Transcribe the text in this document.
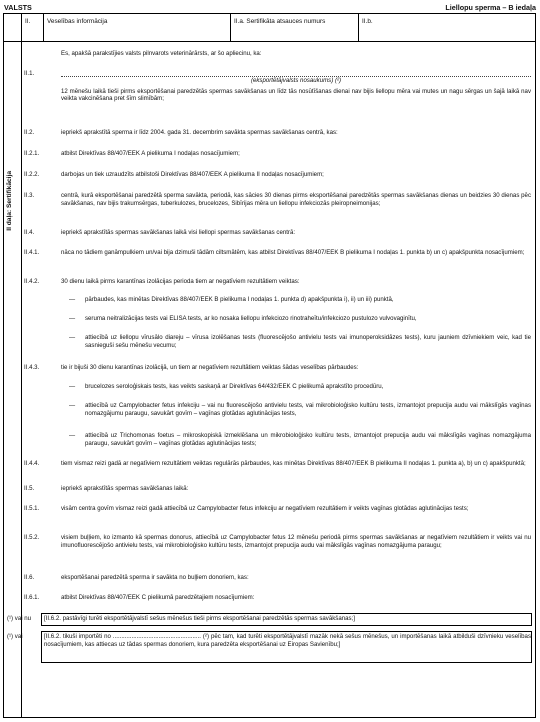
VALSTS	Liellopu sperma – B iedaļa
II.	Veselības informācija	II.a. Sertifikāta atsauces numurs	II.b.
II daļa: Sertifikācija
Es, apakšā parakstījies valsts pilnvarots veterinārārsts, ar šo apliecinu, ka:
II.1.
(eksportētājvalsts nosaukums) (²)
12 mēnešu laikā tieši pirms eksportēšanai paredzētās spermas savākšanas un līdz tās nosūtīšanas dienai nav bijis liellopu mēra vai mutes un nagu sērgas un šajā laikā nav veikta vakcinēšana pret šīm slimībām;
II.2.	iepriekš aprakstītā sperma ir līdz 2004. gada 31. decembrim savākta spermas savākšanas centrā, kas:
II.2.1.	atbilst Direktīvas 88/407/EEK A pielikuma I nodaļas nosacījumiem;
II.2.2.	darbojas un tiek uzraudzīts atbilstoši Direktīvas 88/407/EEK A pielikuma II nodaļas nosacījumiem;
II.3.	centrā, kurā eksportēšanai paredzētā sperma savākta, periodā, kas sācies 30 dienas pirms eksportēšanai paredzētās spermas savākšanas dienas un beidzies 30 dienas pēc savākšanas, nav bijis trakumsērgas, tuberkulozes, brucelozes, Sibīrijas mēra un liellopu infekciozās pleiropneimonijas;
II.4.	iepriekš aprakstītās spermas savākšanas laikā visi liellopi spermas savākšanas centrā:
II.4.1.	nāca no tādiem ganāmpulkiem un/vai bija dzimuši tādām ciltsmātēm, kas atbilst Direktīvas 88/407/EEK B pielikuma I nodaļas 1. punkta b) un c) apakšpunkta nosacījumiem;
II.4.2.	30 dienu laikā pirms karantīnas izolācijas perioda tiem ar negatīviem rezultātiem veiktas:
— pārbaudes, kas minētas Direktīvas 88/407/EEK B pielikuma I nodaļas 1. punkta d) apakšpunkta i), ii) un iii) punktā,
— seruma neitralizācijas tests vai ELISA tests, ar ko nosaka liellopu infekciozo rinotraheītu/infekciozo pustulozo vulvovaginītu,
— attiecībā uz liellopu vīrusālo diareju – vīrusa izolēšanas tests (fluorescējošo antivielu tests vai imunoperoksidāzes tests), kuru jauniem dzīvniekiem veic, kad tie sasnieguši sešu mēnešu vecumu;
II.4.3.	tie ir bijuši 30 dienu karantīnas izolācijā, un tiem ar negatīviem rezultātiem veiktas šādas veselības pārbaudes:
— brucelozes seroloģiskais tests, kas veikts saskaņā ar Direktīvas 64/432/EEK C pielikumā aprakstīto procedūru,
— attiecībā uz Campylobacter fetus infekciju – vai nu fluorescējošo antivielu tests, vai mikrobioloģisko kultūru tests, izmantojot prepucija audu vai mākslīgās vagīnas nomazgājumu paraugu, savukārt govīm – vagīnas glotādas aglutinācijas tests,
— attiecībā uz Trichomonas foetus – mikroskopiskā izmeklēšana un mikrobioloģisko kultūru tests, izmantojot prepucija audu vai mākslīgās vagīnas nomazgājuma paraugu, savukārt govīm – vagīnas glotādas aglutinācijas tests;
II.4.4.	tiem vismaz reizi gadā ar negatīviem rezultātiem veiktas regulārās pārbaudes, kas minētas Direktīvas 88/407/EEK B pielikuma II nodaļas 1. punkta a), b) un c) apakšpunktā;
II.5.	iepriekš aprakstītās spermas savākšanas laikā:
II.5.1.	visām centra govīm vismaz reizi gadā attiecībā uz Campylobacter fetus infekciju ar negatīviem rezultātiem ir veikts vagīnas glotādas aglutinācijas tests;
II.5.2.	visiem buļļiem, ko izmanto kā spermas donorus, attiecībā uz Campylobacter fetus 12 mēnešu periodā pirms spermas savākšanas ar negatīviem rezultātiem ir veikts vai nu imunofluorescējošo antivielu tests, vai mikrobioloģisko kultūru tests, izmantojot prepucija audu vai mākslīgās vagīnas nomazgājuma paraugu;
II.6.	eksportēšanai paredzētā sperma ir savākta no buļļiem donoriem, kas:
II.6.1.	atbilst Direktīvas 88/407/EEK C pielikumā paredzētajiem nosacījumiem:
(¹) vai nu [II.6.2. pastāvīgi turēti eksportētājvalstī sešus mēnešus tieši pirms eksportēšanai paredzētās spermas savākšanas;]
(¹) vai	[II.6.2. tikuši importēti no .................................................... (²) pēc tam, kad turēti eksportētājvalstī mazāk nekā sešus mēnešus, un importēšanas laikā atbilduši dzīvnieku veselības nosacījumiem, kas attiecas uz tādas spermas donoriem, kura paredzēta eksportēšanai uz Eiropas Savienību;]
